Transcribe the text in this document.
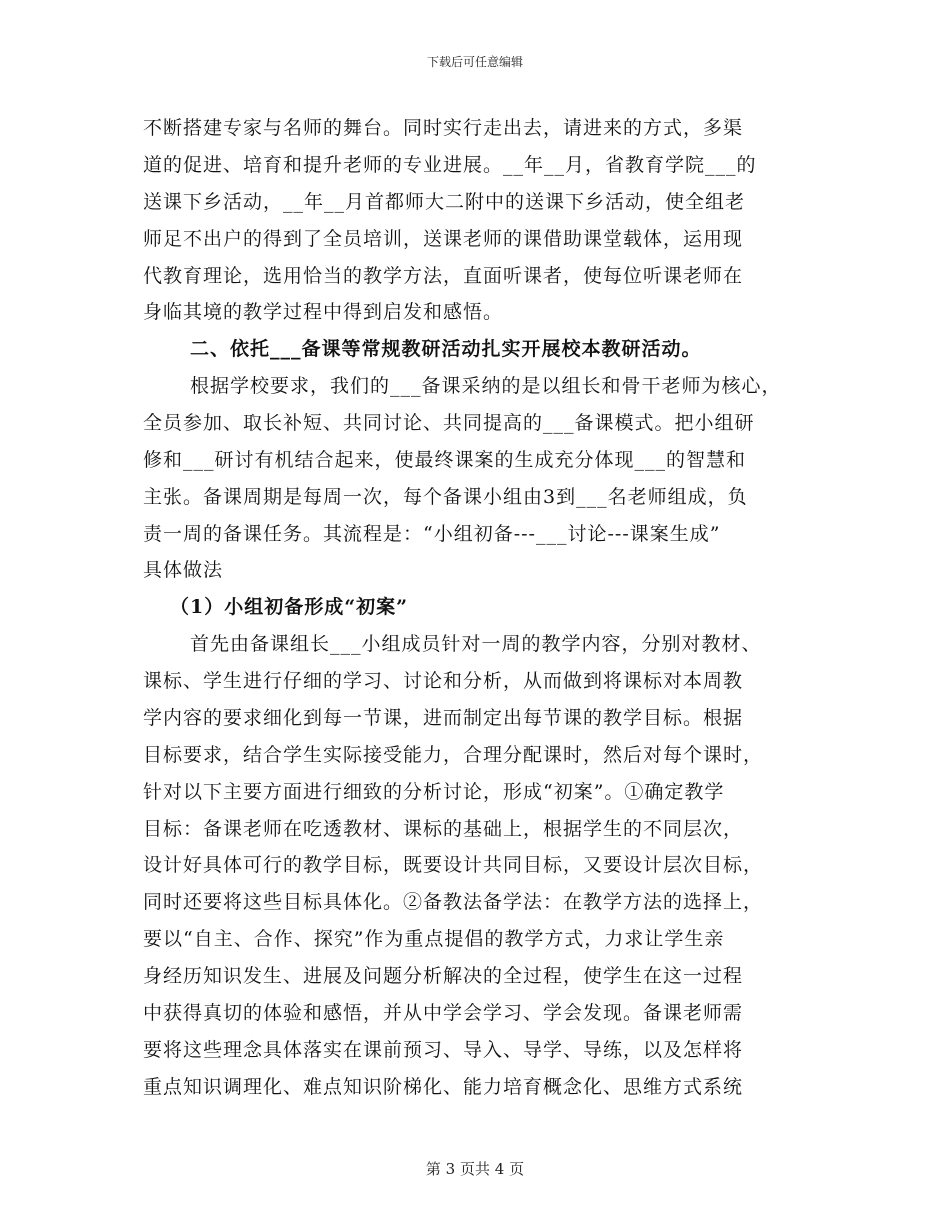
下载后可任意编辑
不断搭建专家与名师的舞台。同时实行走出去，请进来的方式，多渠
道的促进、培育和提升老师的专业进展。__年__月，省教育学院___的
送课下乡活动，__年__月首都师大二附中的送课下乡活动，使全组老
师足不出户的得到了全员培训，送课老师的课借助课堂载体，运用现
代教育理论，选用恰当的教学方法，直面听课者，使每位听课老师在
身临其境的教学过程中得到启发和感悟。
二、依托___备课等常规教研活动扎实开展校本教研活动。
根据学校要求，我们的___备课采纳的是以组长和骨干老师为核心，
全员参加、取长补短、共同讨论、共同提高的___备课模式。把小组研
修和___研讨有机结合起来，使最终课案的生成充分体现___的智慧和
主张。备课周期是每周一次，每个备课小组由3到___名老师组成，负
责一周的备课任务。其流程是：“小组初备---___讨论---课案生成”
具体做法
（1）小组初备形成“初案”
首先由备课组长___小组成员针对一周的教学内容，分别对教材、
课标、学生进行仔细的学习、讨论和分析，从而做到将课标对本周教
学内容的要求细化到每一节课，进而制定出每节课的教学目标。根据
目标要求，结合学生实际接受能力，合理分配课时，然后对每个课时，
针对以下主要方面进行细致的分析讨论，形成“初案”。①确定教学
目标：备课老师在吃透教材、课标的基础上，根据学生的不同层次，
设计好具体可行的教学目标，既要设计共同目标，又要设计层次目标，
同时还要将这些目标具体化。②备教法备学法：在教学方法的选择上，
要以“自主、合作、探究”作为重点提倡的教学方式，力求让学生亲
身经历知识发生、进展及问题分析解决的全过程，使学生在这一过程
中获得真切的体验和感悟，并从中学会学习、学会发现。备课老师需
要将这些理念具体落实在课前预习、导入、导学、导练，以及怎样将
重点知识调理化、难点知识阶梯化、能力培育概念化、思维方式系统
第 3 页共 4 页
